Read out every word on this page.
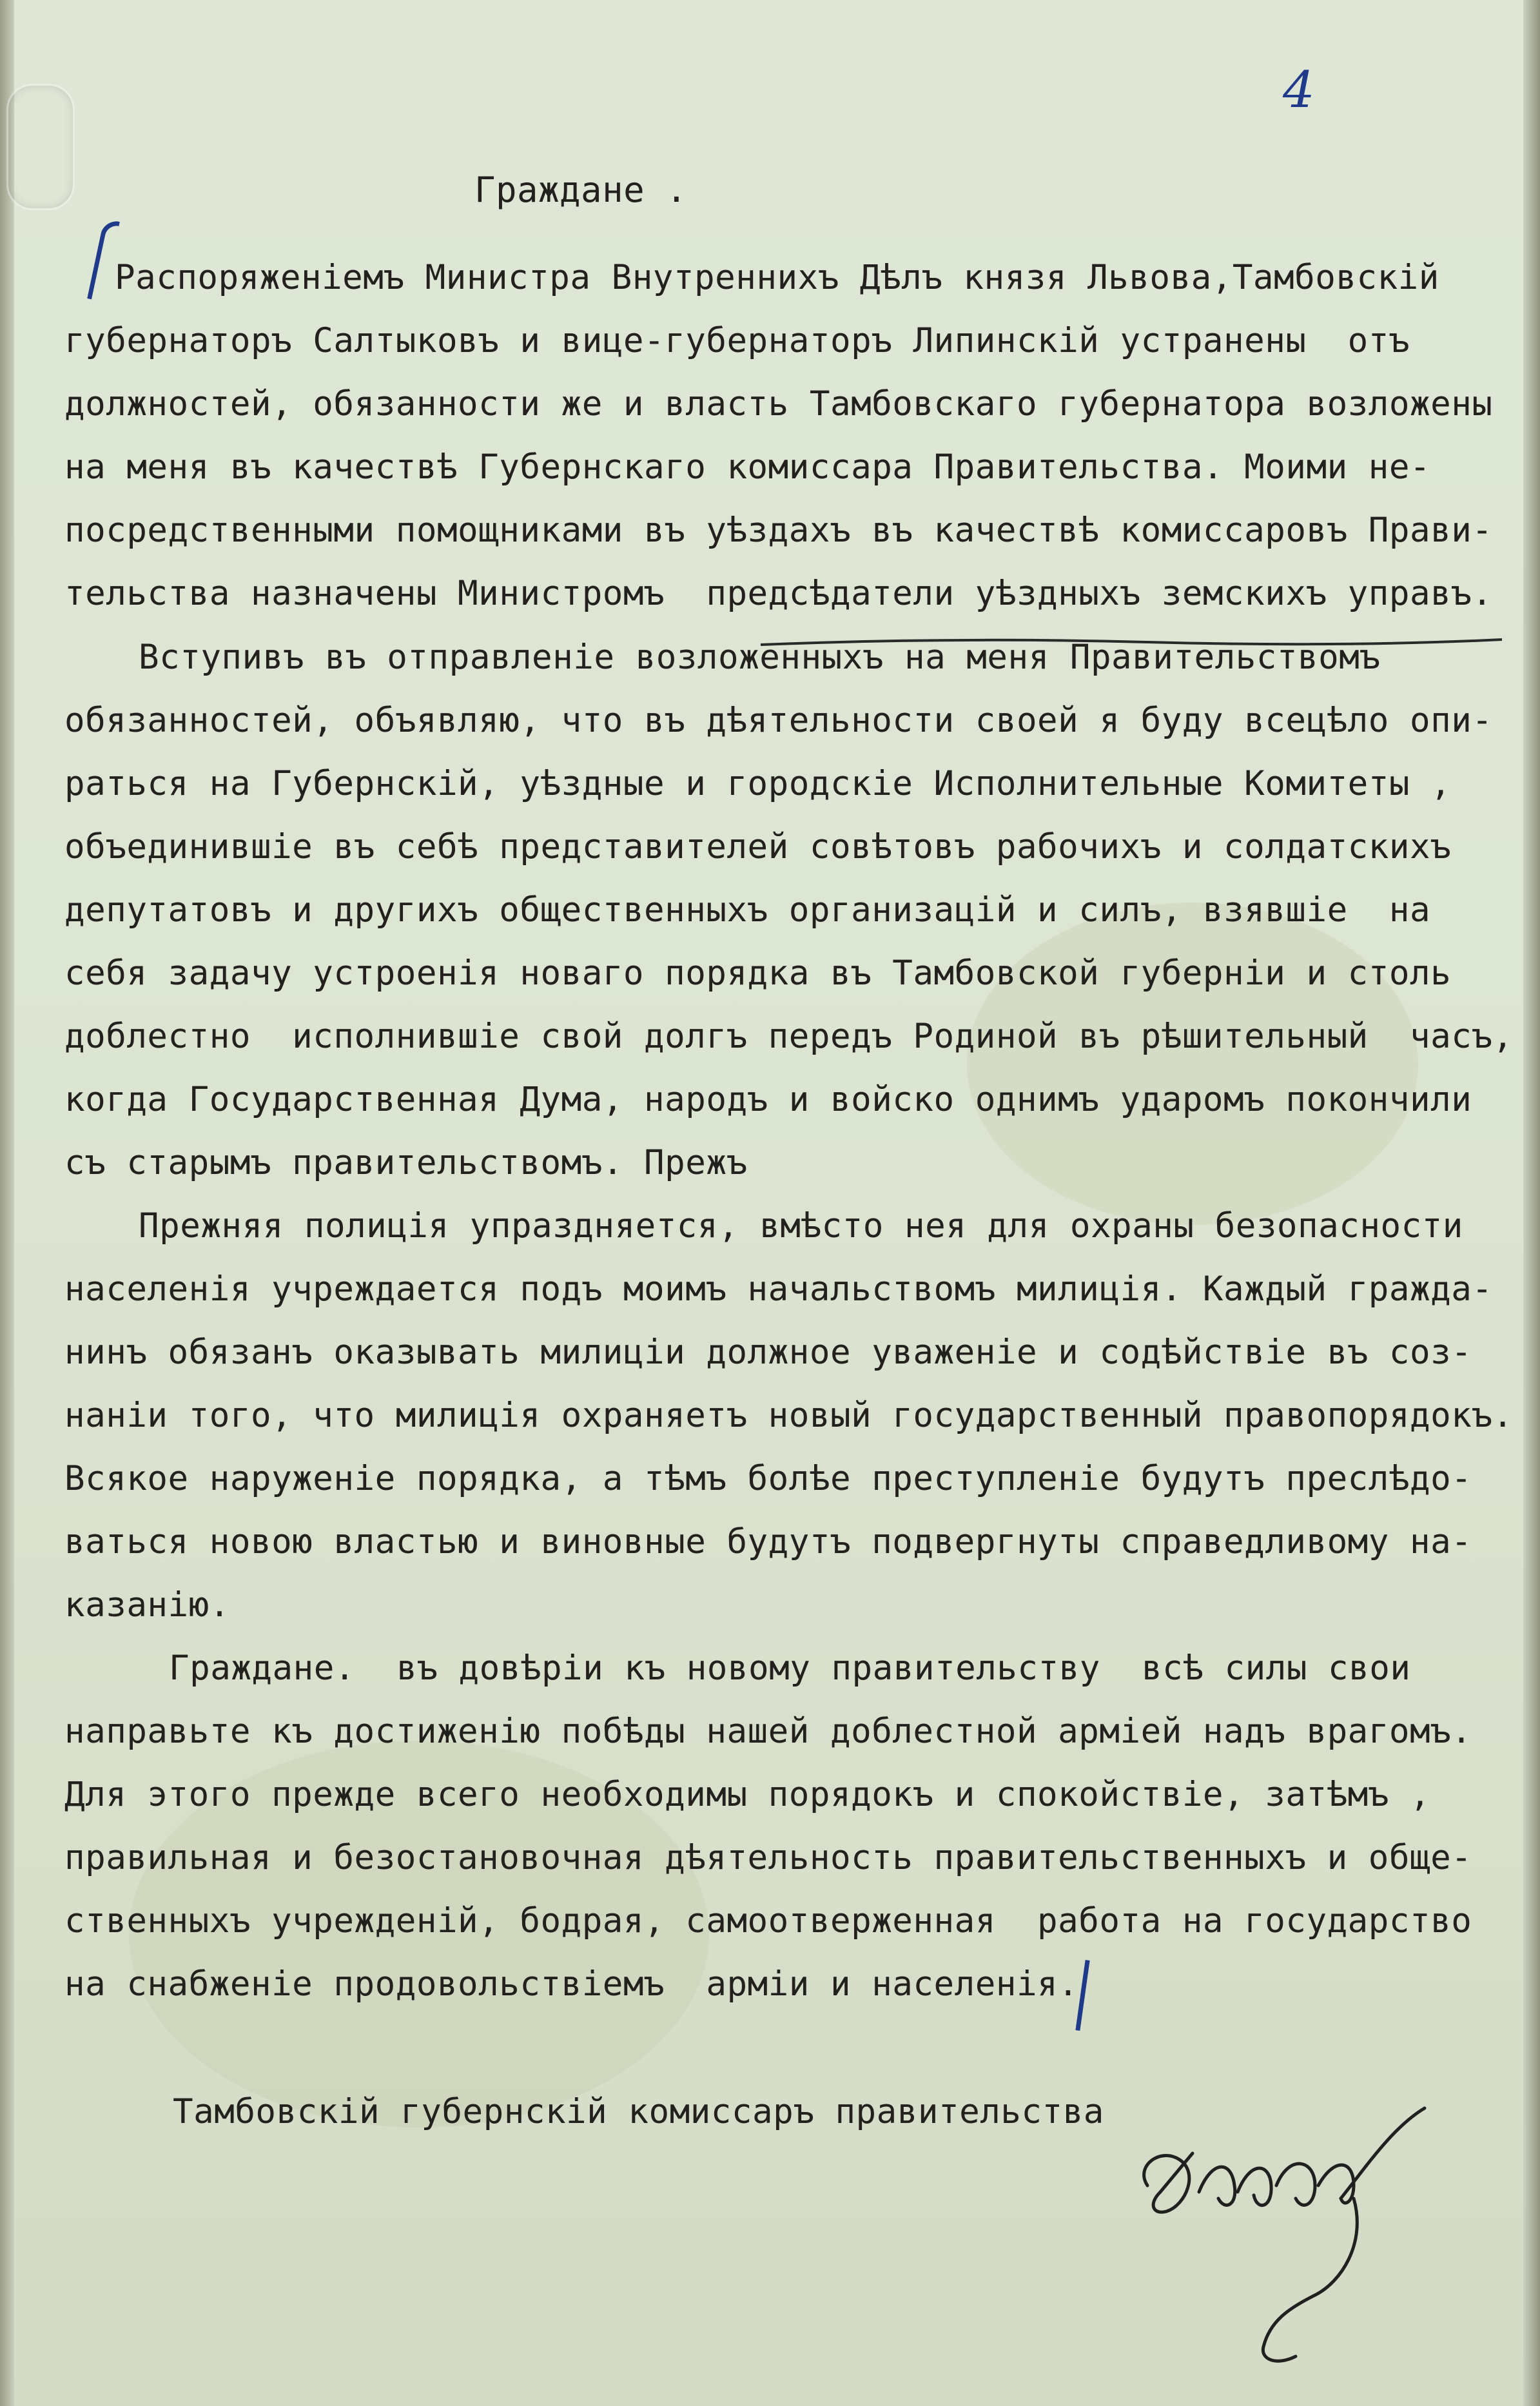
4

Граждане .

Распоряженіемъ Министра Внутреннихъ Дѣлъ князя Львова,Тамбовскій

губернаторъ Салтыковъ и вице-губернаторъ Липинскій устранены  отъ

должностей, обязанности же и власть Тамбовскаго губернатора возложены

на меня въ качествѣ Губернскаго комиссара Правительства. Моими не-

посредственными помощниками въ уѣздахъ въ качествѣ комиссаровъ Прави-

тельства назначены Министромъ  предсѣдатели уѣздныхъ земскихъ управъ.

Вступивъ въ отправленіе возложенныхъ на меня Правительствомъ

обязанностей, объявляю, что въ дѣятельности своей я буду всецѣло опи-

раться на Губернскій, уѣздные и городскіе Исполнительные Комитеты ,

объединившіе въ себѣ представителей совѣтовъ рабочихъ и солдатскихъ

депутатовъ и другихъ общественныхъ организацій и силъ, взявшіе  на

себя задачу устроенія новаго порядка въ Тамбовской губерніи и столь

доблестно  исполнившіе свой долгъ передъ Родиной въ рѣшительный  часъ,

когда Государственная Дума, народъ и войско однимъ ударомъ покончили

съ старымъ правительствомъ. Прежъ

Прежняя полиція упраздняется, вмѣсто нея для охраны безопасности

населенія учреждается подъ моимъ начальствомъ милиція. Каждый гражда-

нинъ обязанъ оказывать милиціи должное уваженіе и содѣйствіе въ соз-

наніи того, что милиція охраняетъ новый государственный правопорядокъ.

Всякое наруженіе порядка, а тѣмъ болѣе преступленіе будутъ преслѣдо-

ваться новою властью и виновные будутъ подвергнуты справедливому на-

казанію.

Граждане.  въ довѣріи къ новому правительству  всѣ силы свои

направьте къ достиженію побѣды нашей доблестной арміей надъ врагомъ.

Для этого прежде всего необходимы порядокъ и спокойствіе, затѣмъ ,

правильная и безостановочная дѣятельность правительственныхъ и обще-

ственныхъ учрежденій, бодрая, самоотверженная  работа на государство

на снабженіе продовольствіемъ  арміи и населенія.

Тамбовскій губернскій комиссаръ правительства
